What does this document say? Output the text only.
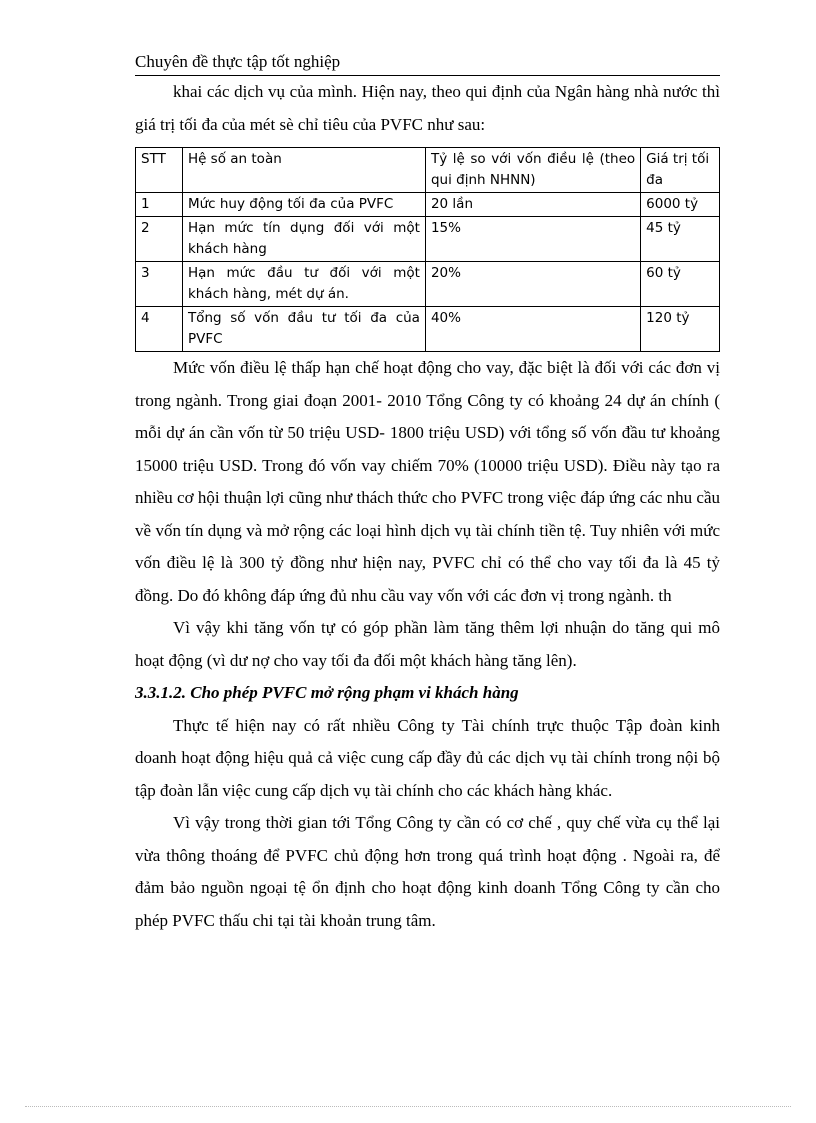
Chuyên đề thực tập tốt nghiệp

khai các dịch vụ của mình. Hiện nay, theo qui định của Ngân hàng nhà nước thì giá trị tối đa của mét sè chỉ tiêu của PVFC như sau:

STT	Hệ số an toàn	Tỷ lệ so với vốn điều lệ (theo qui định NHNN)	Giá trị tối đa
1	Mức huy động tối đa của PVFC	20 lần	6000 tỷ
2	Hạn mức tín dụng đối với một khách hàng	15%	45 tỷ
3	Hạn mức đầu tư đối với một khách hàng, mét dự án.	20%	60 tỷ
4	Tổng số vốn đầu tư tối đa của PVFC	40%	120 tỷ

Mức vốn điều lệ thấp hạn chế hoạt động cho vay, đặc biệt là đối với các đơn vị trong ngành. Trong giai đoạn 2001- 2010 Tổng Công ty có khoảng 24 dự án chính ( mỗi dự án cần vốn từ 50 triệu USD- 1800 triệu USD) với tổng số vốn đầu tư khoảng 15000 triệu USD. Trong đó vốn vay chiếm 70% (10000 triệu USD). Điều này tạo ra nhiều cơ hội thuận lợi cũng như thách thức cho PVFC trong việc đáp ứng các nhu cầu về vốn tín dụng và mở rộng các loại hình dịch vụ tài chính tiền tệ. Tuy nhiên với mức vốn điều lệ là 300 tỷ đồng như hiện nay, PVFC chỉ có thể cho vay tối đa là 45 tỷ đồng. Do đó không đáp ứng đủ nhu cầu vay vốn với các đơn vị trong ngành. th

Vì vậy khi tăng vốn tự có góp phần làm tăng thêm lợi nhuận do tăng qui mô hoạt động (vì dư nợ cho vay tối đa đối một khách hàng tăng lên).

3.3.1.2. Cho phép PVFC mở rộng phạm vi khách hàng

Thực tế hiện nay có rất nhiều Công ty Tài chính trực thuộc Tập đoàn kinh doanh hoạt động hiệu quả cả việc cung cấp đầy đủ các dịch vụ tài chính trong nội bộ tập đoàn lẫn việc cung cấp dịch vụ tài chính cho các khách hàng khác.

Vì vậy trong thời gian tới Tổng Công ty cần có cơ chế , quy chế vừa cụ thể lại vừa thông thoáng để PVFC chủ động hơn trong quá trình hoạt động . Ngoài ra, để đảm bảo nguồn ngoại tệ ổn định cho hoạt động kinh doanh Tổng Công ty cần cho phép PVFC thấu chi tại tài khoản trung tâm.
